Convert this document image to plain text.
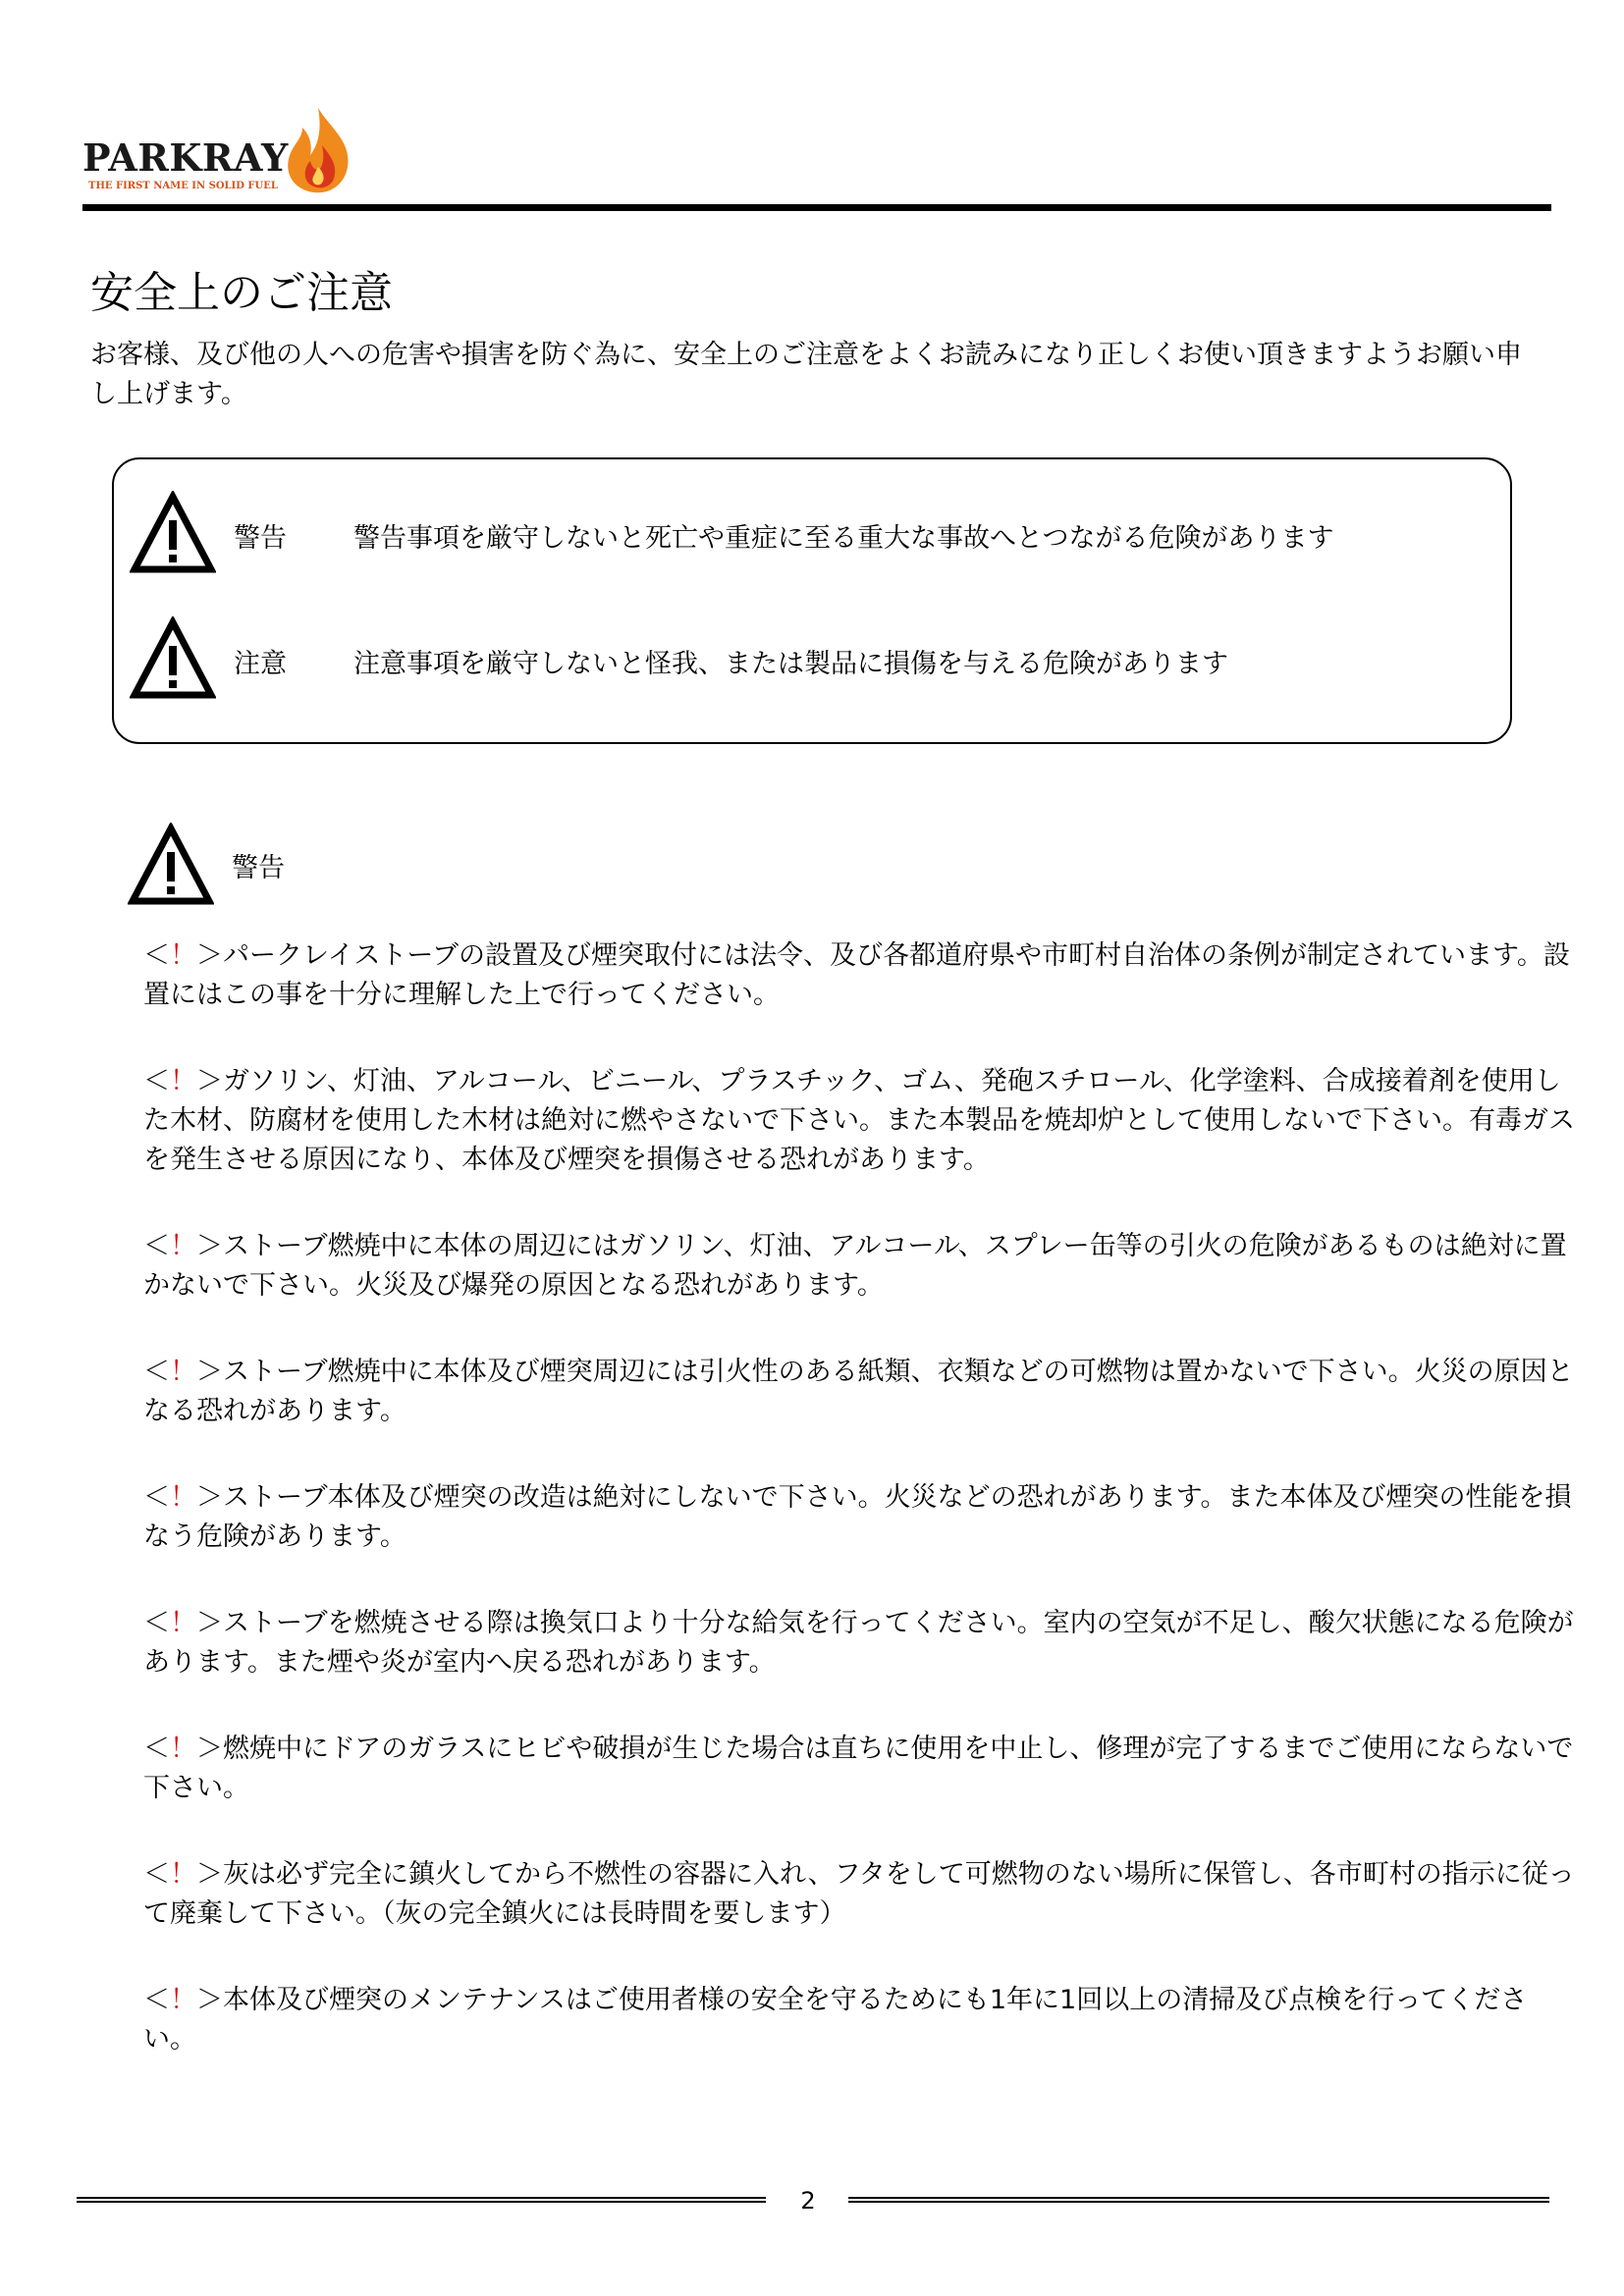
PARKRAY
THE FIRST NAME IN SOLID FUEL
安全上のご注意
お客様、及び他の人への危害や損害を防ぐ為に、安全上のご注意をよくお読みになり正しくお使い頂きますようお願い申し上げます。
警告	警告事項を厳守しないと死亡や重症に至る重大な事故へとつながる危険があります
注意	注意事項を厳守しないと怪我、または製品に損傷を与える危険があります
警告
＜！＞パークレイストーブの設置及び煙突取付には法令、及び各都道府県や市町村自治体の条例が制定されています。設置にはこの事を十分に理解した上で行ってください。
＜！＞ガソリン、灯油、アルコール、ビニール、プラスチック、ゴム、発砲スチロール、化学塗料、合成接着剤を使用した木材、防腐材を使用した木材は絶対に燃やさないで下さい。また本製品を焼却炉として使用しないで下さい。有毒ガスを発生させる原因になり、本体及び煙突を損傷させる恐れがあります。
＜！＞ストーブ燃焼中に本体の周辺にはガソリン、灯油、アルコール、スプレー缶等の引火の危険があるものは絶対に置かないで下さい。火災及び爆発の原因となる恐れがあります。
＜！＞ストーブ燃焼中に本体及び煙突周辺には引火性のある紙類、衣類などの可燃物は置かないで下さい。火災の原因となる恐れがあります。
＜！＞ストーブ本体及び煙突の改造は絶対にしないで下さい。火災などの恐れがあります。また本体及び煙突の性能を損なう危険があります。
＜！＞ストーブを燃焼させる際は換気口より十分な給気を行ってください。室内の空気が不足し、酸欠状態になる危険があります。また煙や炎が室内へ戻る恐れがあります。
＜！＞燃焼中にドアのガラスにヒビや破損が生じた場合は直ちに使用を中止し、修理が完了するまでご使用にならないで下さい。
＜！＞灰は必ず完全に鎮火してから不燃性の容器に入れ、フタをして可燃物のない場所に保管し、各市町村の指示に従って廃棄して下さい。（灰の完全鎮火には長時間を要します）
＜！＞本体及び煙突のメンテナンスはご使用者様の安全を守るためにも1年に1回以上の清掃及び点検を行ってください。
2
